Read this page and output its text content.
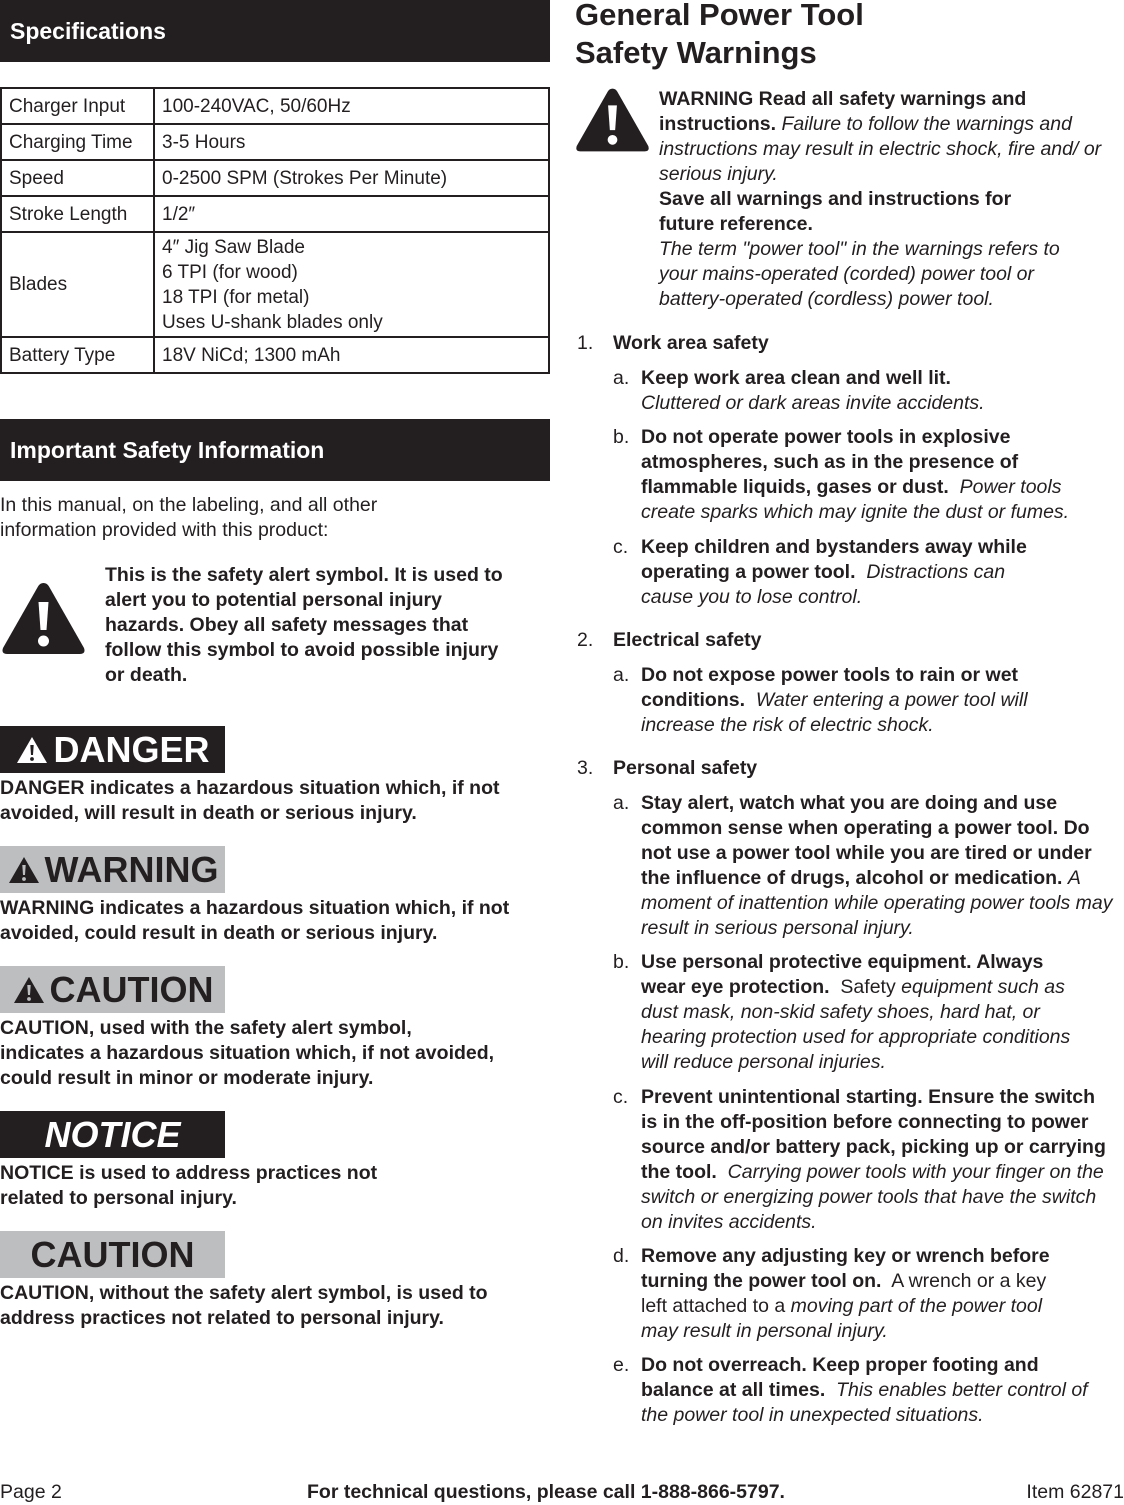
Specifications
Charger Input	100-240VAC, 50/60Hz
Charging Time	3-5 Hours
Speed	0-2500 SPM (Strokes Per Minute)
Stroke Length	1/2″
Blades	4″ Jig Saw Blade
6 TPI (for wood)
18 TPI (for metal)
Uses U-shank blades only

Battery Type	18V NiCd; 1300 mAh
Important Safety Information
In this manual, on the labeling, and all other
information provided with this product:
This is the safety alert symbol. It is used to alert you to potential personal injury hazards. Obey all safety messages that follow this symbol to avoid possible injury or death.
DANGER
DANGER indicates a hazardous situation which, if not avoided, will result in death or serious injury.
WARNING
WARNING indicates a hazardous situation which, if not avoided, could result in death or serious injury.
CAUTION
CAUTION, used with the safety alert symbol, indicates a hazardous situation which, if not avoided, could result in minor or moderate injury.
NOTICE
NOTICE is used to address practices not related to personal injury.
CAUTION
CAUTION, without the safety alert symbol, is used to address practices not related to personal injury.
General Power Tool
Safety Warnings
WARNING Read all safety warnings and instructions. Failure to follow the warnings and instructions may result in electric shock, fire and/ or serious injury.
Save all warnings and instructions for future reference.
The term "power tool" in the warnings refers to your mains-operated (corded) power tool or battery-operated (cordless) power tool.
1. Work area safety
a. Keep work area clean and well lit. Cluttered or dark areas invite accidents.
b. Do not operate power tools in explosive atmospheres, such as in the presence of flammable liquids, gases or dust. Power tools create sparks which may ignite the dust or fumes.
c. Keep children and bystanders away while operating a power tool. Distractions can cause you to lose control.
2. Electrical safety
a. Do not expose power tools to rain or wet conditions. Water entering a power tool will increase the risk of electric shock.
3. Personal safety
a. Stay alert, watch what you are doing and use common sense when operating a power tool. Do not use a power tool while you are tired or under the influence of drugs, alcohol or medication. A moment of inattention while operating power tools may result in serious personal injury.
b. Use personal protective equipment. Always wear eye protection. Safety equipment such as dust mask, non-skid safety shoes, hard hat, or hearing protection used for appropriate conditions will reduce personal injuries.
c. Prevent unintentional starting. Ensure the switch is in the off-position before connecting to power source and/or battery pack, picking up or carrying the tool. Carrying power tools with your finger on the switch or energizing power tools that have the switch on invites accidents.
d. Remove any adjusting key or wrench before turning the power tool on. A wrench or a key left attached to a moving part of the power tool may result in personal injury.
e. Do not overreach. Keep proper footing and balance at all times. This enables better control of the power tool in unexpected situations.
Page 2	For technical questions, please call 1-888-866-5797.	Item 62871
